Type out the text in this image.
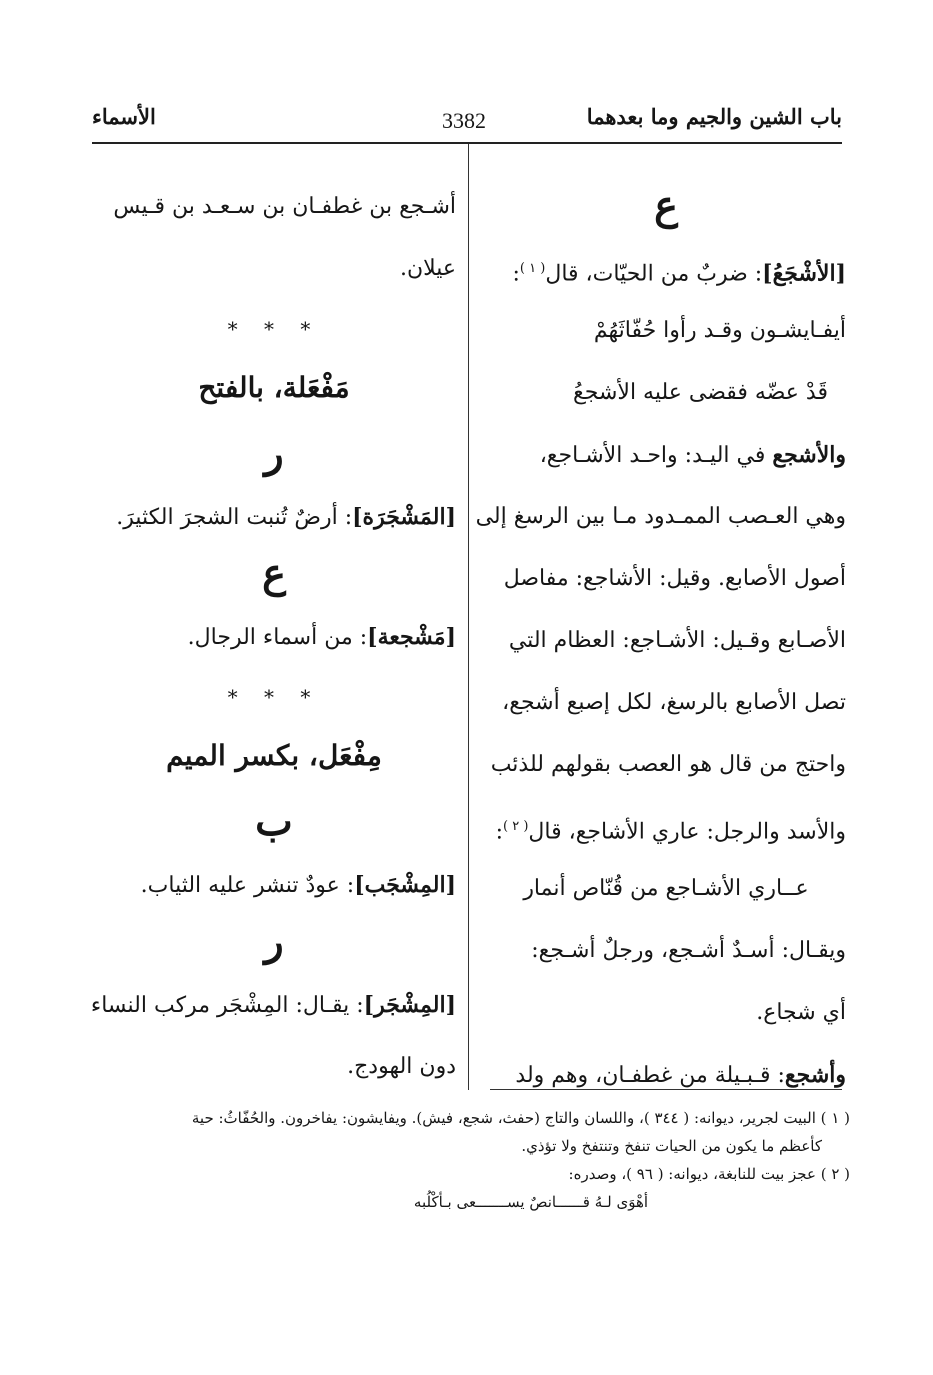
باب الشين والجيم وما بعدهما
3382
الأسماء
ع
[الأشْجَعُ]: ضربٌ من الحيّات، قال$^{( ١ )}$:
أيفـايشـون وقـد رأوا حُفّاثَهُمْ
قَدْ عضّه فقضى عليه الأشجعُ
والأشجع في اليـد: واحـد الأشـاجع،
وهي العـصب الممـدود مـا بين الرسغ إلى
أصول الأصابع. وقيل: الأشاجع: مفاصل
الأصـابع وقـيل: الأشـاجع: العظام التي
تصل الأصابع بالرسغ، لكل إصبع أشجع،
واحتج من قال هو العصب بقولهم للذئب
والأسد والرجل: عاري الأشاجع، قال$^{( ٢ )}$:
عــاري الأشـاجع من قُنّاص أنمار
ويقـال: أسـدٌ أشـجع، ورجلٌ أشـجع:
أي شجاع.
وأشجع: قـبـيلة من غطفـان، وهم ولد
أشـجع بن غطفـان بن سـعـد بن قـيس
عيلان.
* * *
مَفْعَلة، بالفتح
ر
[المَشْجَرَة]: أرضٌ تُنبت الشجرَ الكثيرَ.
ع
[مَشْجعة]: من أسماء الرجال.
* * *
مِفْعَل، بكسر الميم
ب
[المِشْجَب]: عودٌ تنشر عليه الثياب.
ر
[المِشْجَر]: يقـال: المِشْجَر مركب النساء
دون الهودج.
( ١ ) البيت لجرير، ديوانه: ( ٣٤٤ )، واللسان والتاج (حفث، شجع، فيش). ويفايشون: يفاخرون. والحُفّاثُ: حية
كأعظم ما يكون من الحيات تنفخ وتنتفخ ولا تؤذي.
( ٢ ) عجز بيت للنابغة، ديوانه: ( ٩٦ )، وصدره:
أهْوَى لـهُ قــــــانصٌ يســـــــعى بـأكْلُبه
